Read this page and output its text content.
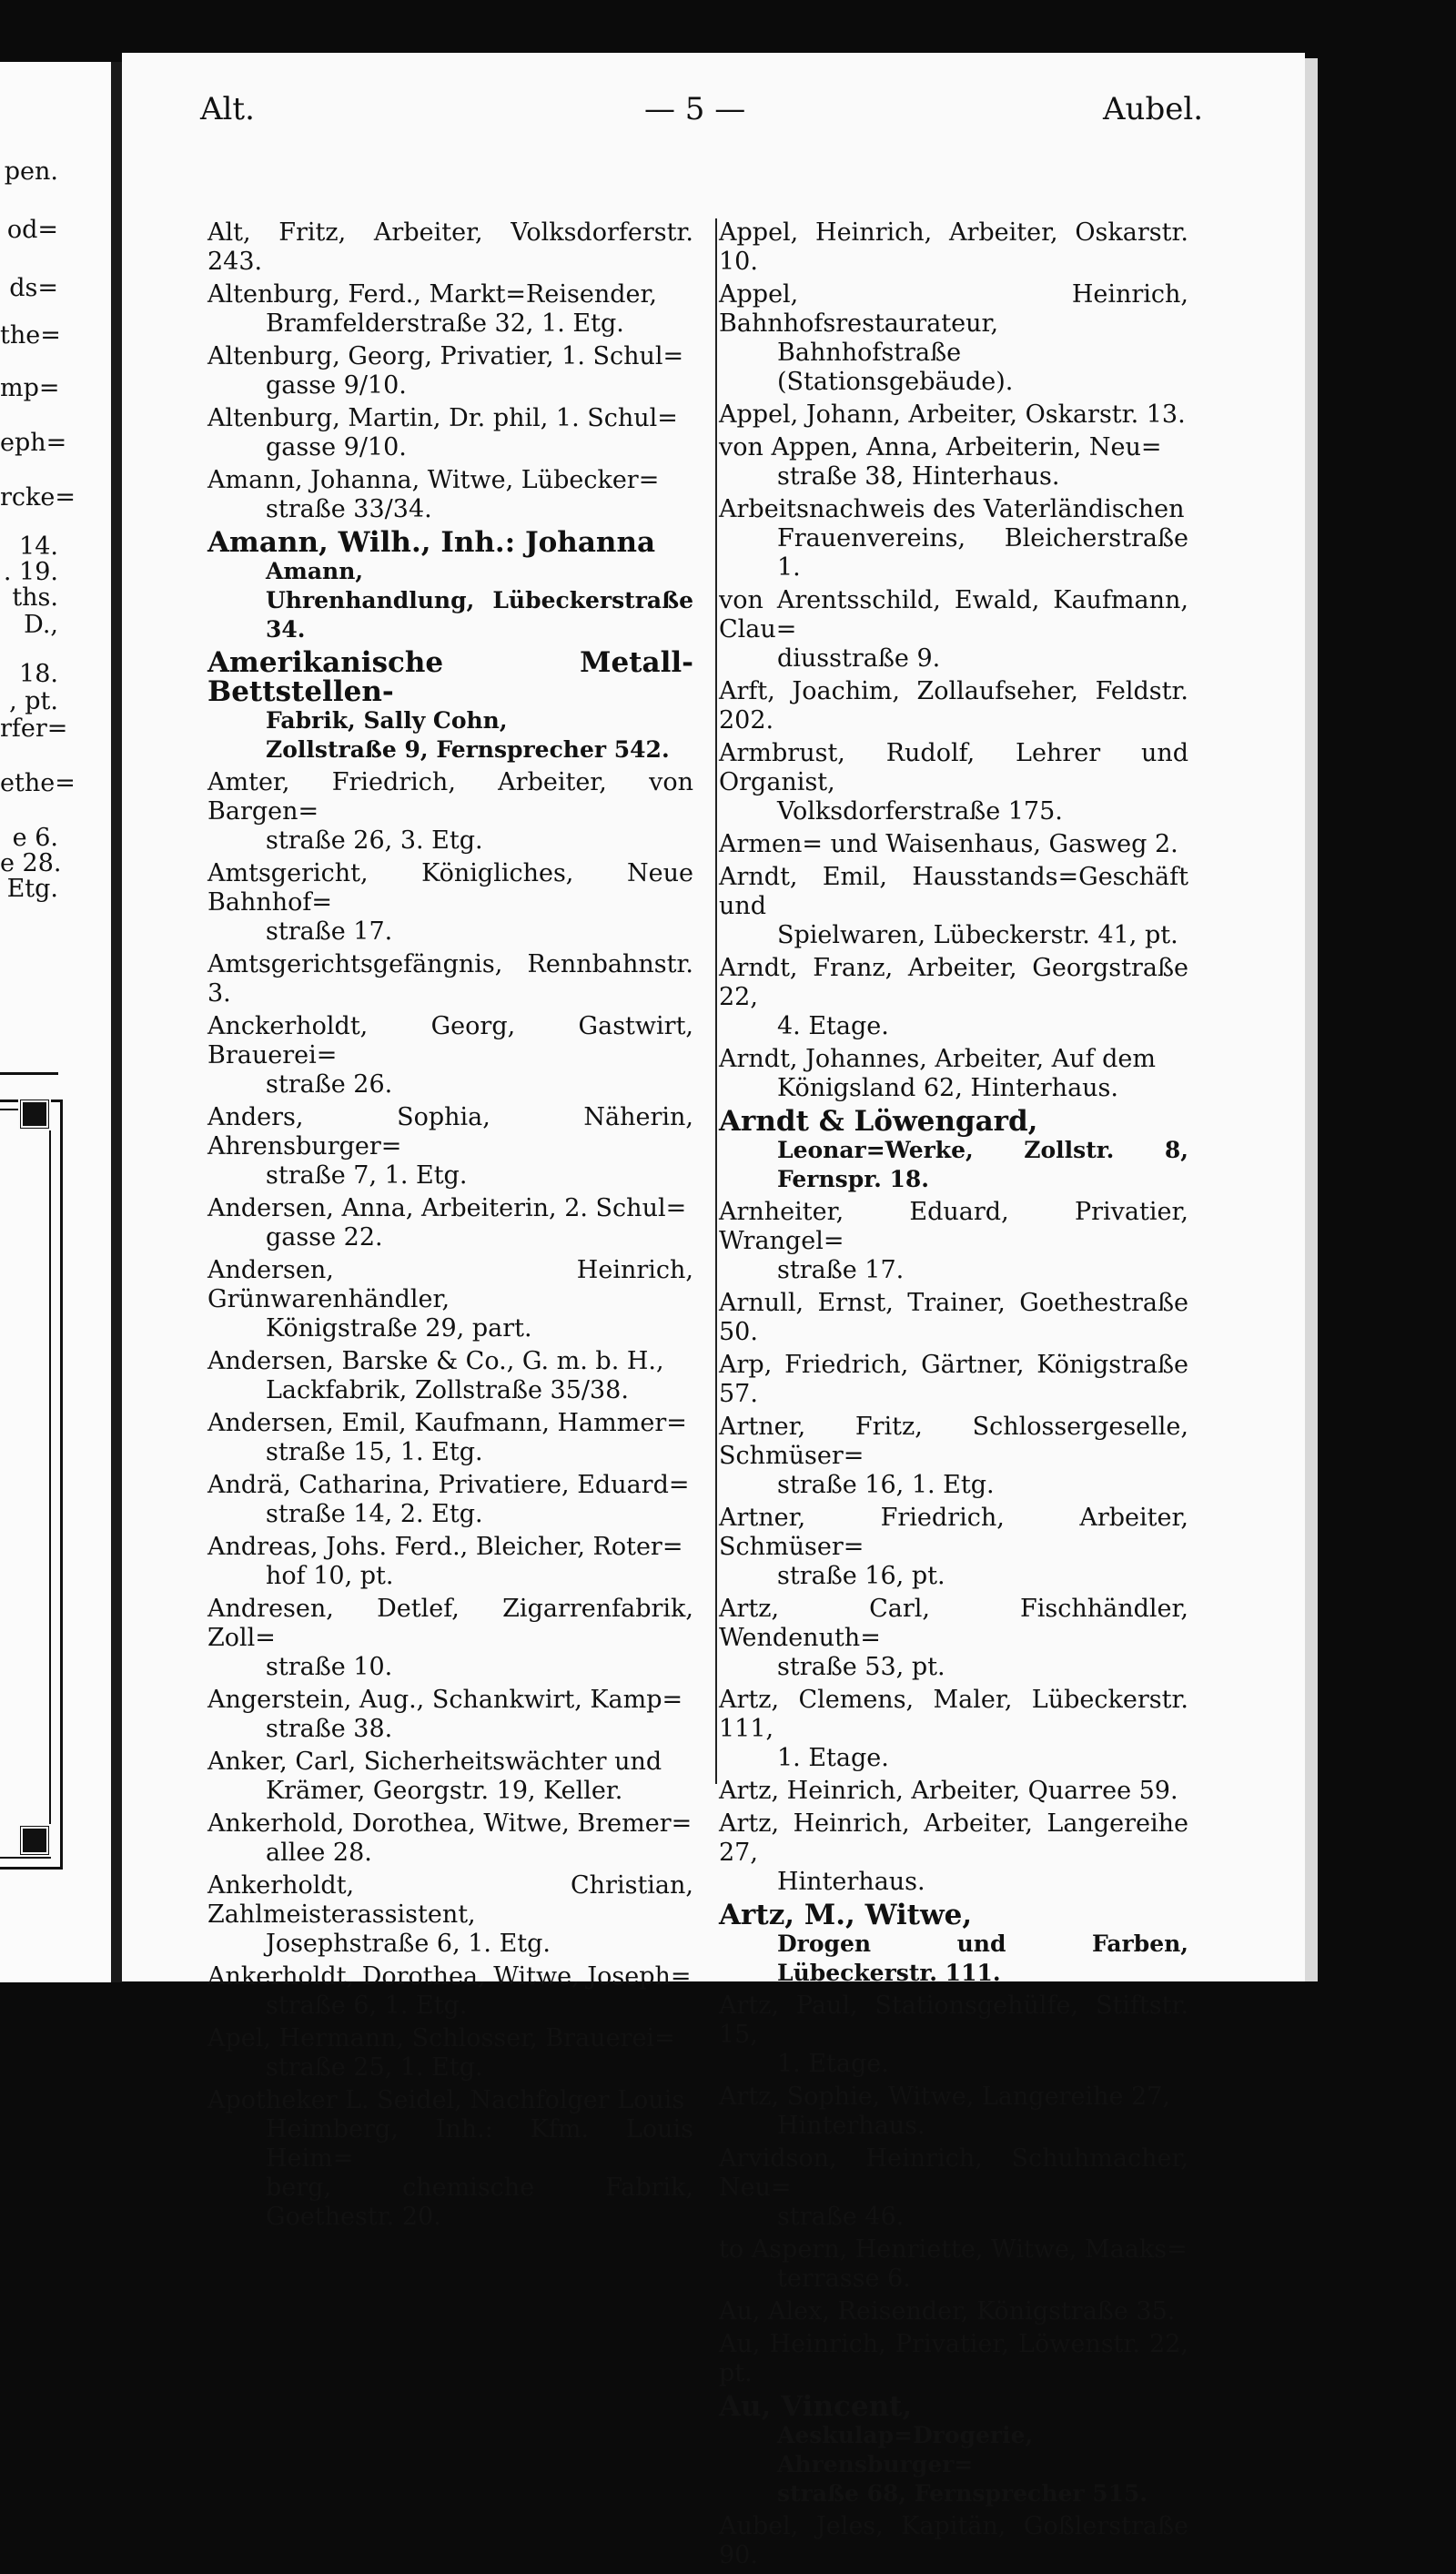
pen.
od=
ds=
the=
mp=
eph=
rcke=
14.
. 19.
ths.
D.,
18.
, pt.
rfer=
ethe=
e 6.
e 28.
Etg.
Alt.	— 5 —	Aubel.
Alt, Fritz, Arbeiter, Volksdorferstr. 243.
Altenburg, Ferd., Markt=Reisender,
Bramfelderstraße 32, 1. Etg.
Altenburg, Georg, Privatier, 1. Schul=
gasse 9/10.
Altenburg, Martin, Dr. phil, 1. Schul=
gasse 9/10.
Amann, Johanna, Witwe, Lübecker=
straße 33/34.
Amann, Wilh., Inh.: Johanna
Amann,
Uhrenhandlung, Lübeckerstraße 34.
Amerikanische Metall-Bettstellen-
Fabrik, Sally Cohn,
Zollstraße 9, Fernsprecher 542.
Amter, Friedrich, Arbeiter, von Bargen=
straße 26, 3. Etg.
Amtsgericht, Königliches, Neue Bahnhof=
straße 17.
Amtsgerichtsgefängnis, Rennbahnstr. 3.
Anckerholdt, Georg, Gastwirt, Brauerei=
straße 26.
Anders, Sophia, Näherin, Ahrensburger=
straße 7, 1. Etg.
Andersen, Anna, Arbeiterin, 2. Schul=
gasse 22.
Andersen, Heinrich, Grünwarenhändler,
Königstraße 29, part.
Andersen, Barske & Co., G. m. b. H.,
Lackfabrik, Zollstraße 35/38.
Andersen, Emil, Kaufmann, Hammer=
straße 15, 1. Etg.
Andrä, Catharina, Privatiere, Eduard=
straße 14, 2. Etg.
Andreas, Johs. Ferd., Bleicher, Roter=
hof 10, pt.
Andresen, Detlef, Zigarrenfabrik, Zoll=
straße 10.
Angerstein, Aug., Schankwirt, Kamp=
straße 38.
Anker, Carl, Sicherheitswächter und
Krämer, Georgstr. 19, Keller.
Ankerhold, Dorothea, Witwe, Bremer=
allee 28.
Ankerholdt, Christian, Zahlmeisterassistent,
Josephstraße 6, 1. Etg.
Ankerholdt, Dorothea, Witwe, Joseph=
straße 6, 1. Etg.
Apel, Hermann, Schlosser, Brauerei=
straße 25, 1. Etg.
Apotheker L. Seidel, Nachfolger Louis
Heimberg, Inh.: Kfm. Louis Heim=
berg, chemische Fabrik, Goethestr. 20.
Appel, Heinrich, Arbeiter, Oskarstr. 10.
Appel, Heinrich, Bahnhofsrestaurateur,
Bahnhofstraße (Stationsgebäude).
Appel, Johann, Arbeiter, Oskarstr. 13.
von Appen, Anna, Arbeiterin, Neu=
straße 38, Hinterhaus.
Arbeitsnachweis des Vaterländischen
Frauenvereins, Bleicherstraße 1.
von Arentsschild, Ewald, Kaufmann, Clau=
diusstraße 9.
Arft, Joachim, Zollaufseher, Feldstr. 202.
Armbrust, Rudolf, Lehrer und Organist,
Volksdorferstraße 175.
Armen= und Waisenhaus, Gasweg 2.
Arndt, Emil, Hausstands=Geschäft und
Spielwaren, Lübeckerstr. 41, pt.
Arndt, Franz, Arbeiter, Georgstraße 22,
4. Etage.
Arndt, Johannes, Arbeiter, Auf dem
Königsland 62, Hinterhaus.
Arndt & Löwengard,
Leonar=Werke, Zollstr. 8, Fernspr. 18.
Arnheiter, Eduard, Privatier, Wrangel=
straße 17.
Arnull, Ernst, Trainer, Goethestraße 50.
Arp, Friedrich, Gärtner, Königstraße 57.
Artner, Fritz, Schlossergeselle, Schmüser=
straße 16, 1. Etg.
Artner, Friedrich, Arbeiter, Schmüser=
straße 16, pt.
Artz, Carl, Fischhändler, Wendenuth=
straße 53, pt.
Artz, Clemens, Maler, Lübeckerstr. 111,
1. Etage.
Artz, Heinrich, Arbeiter, Quarree 59.
Artz, Heinrich, Arbeiter, Langereihe 27,
Hinterhaus.
Artz, M., Witwe,
Drogen und Farben, Lübeckerstr. 111.
Artz, Paul, Stationsgehülfe, Stiftstr. 15,
1. Etage.
Artz, Sophie, Witwe, Langereihe 27,
Hinterhaus.
Arvidson, Heinrich, Schuhmacher, Neu=
straße 46.
to Aspern, Henriette, Witwe, Maaks=
terrasse 6.
Au, Alex, Reisender, Königstraße 35.
Au, Heinrich, Privatier, Löwenstr. 22, pt.
Au, Vincent,
Aeskulap=Drogerie, Ahrensburger=
straße 68, Fernsprecher 515.
Aubel, Jeles, Kapitän, Goßlerstraße 90.
